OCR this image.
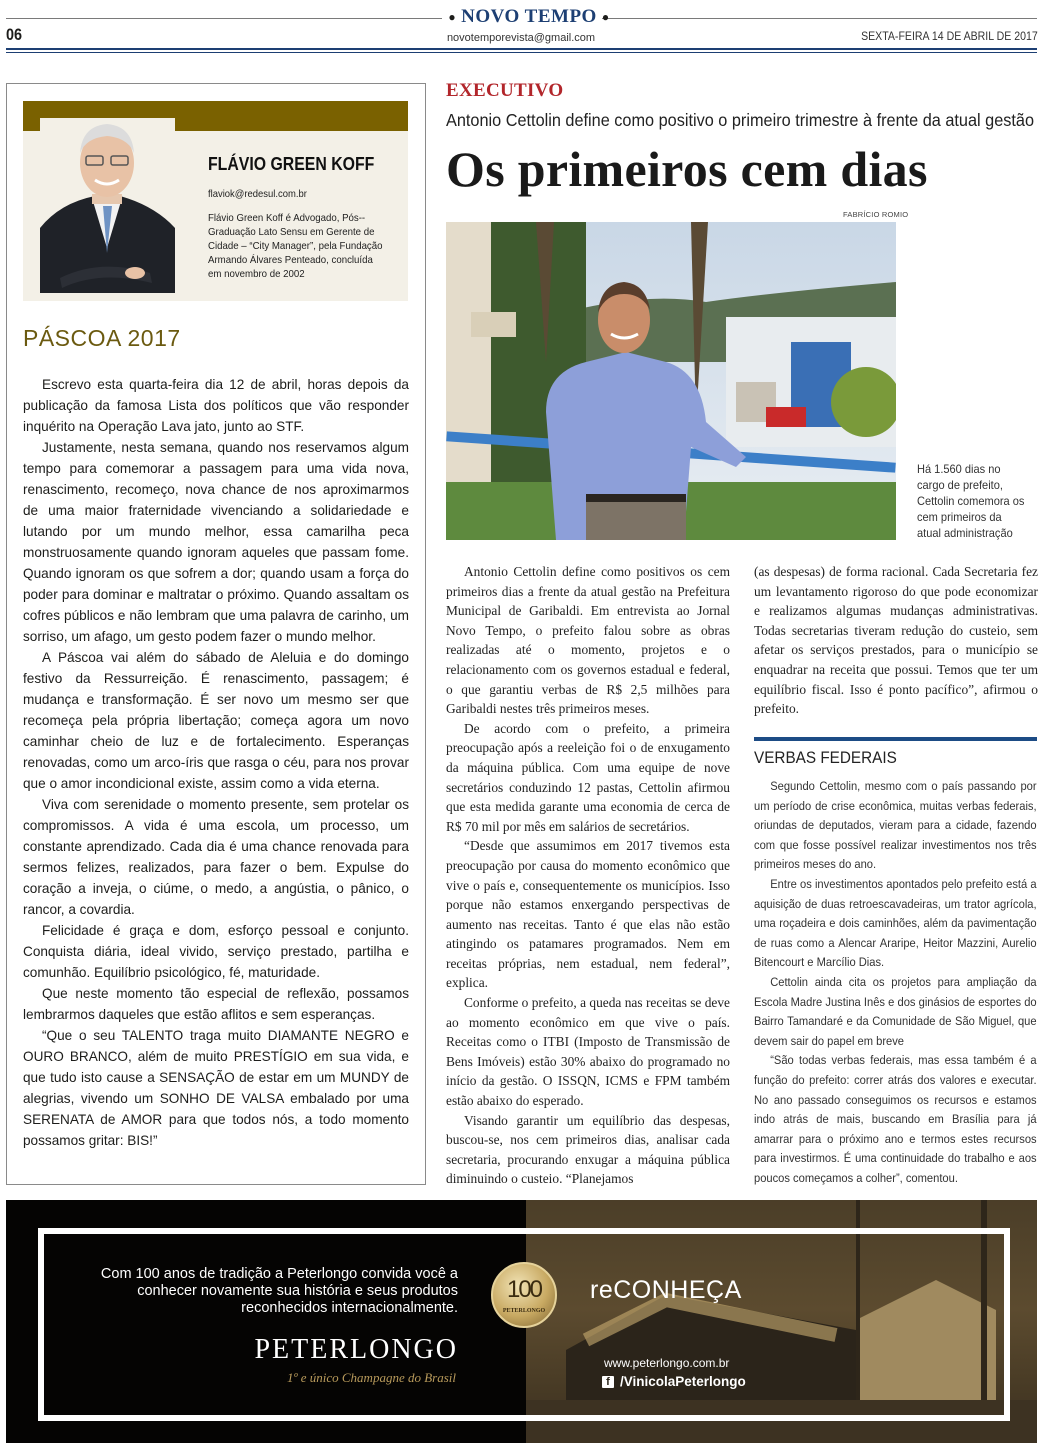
● NOVO TEMPO ●
06	novotemporevista@gmail.com	SEXTA-FEIRA 14 DE ABRIL DE 2017
FLÁVIO GREEN KOFF
flaviok@redesul.com.br
Flávio Green Koff é Advogado, Pós--Graduação Lato Sensu em Gerente de Cidade – “City Manager”, pela Fundação Armando Álvares Penteado, concluída em novembro de 2002
PÁSCOA 2017

Escrevo esta quarta-feira dia 12 de abril, horas depois da publicação da famosa Lista dos políticos que vão responder inquérito na Operação Lava jato, junto ao STF.

Justamente, nesta semana, quando nos reservamos algum tempo para comemorar a passagem para uma vida nova, renascimento, recomeço, nova chance de nos aproximarmos de uma maior fraternidade vivenciando a solidariedade e lutando por um mundo melhor, essa camarilha peca monstruosamente quando ignoram aqueles que passam fome. Quando ignoram os que sofrem a dor; quando usam a força do poder para dominar e maltratar o próximo. Quando assaltam os cofres públicos e não lembram que uma palavra de carinho, um sorriso, um afago, um gesto podem fazer o mundo melhor.

A Páscoa vai além do sábado de Aleluia e do domingo festivo da Ressurreição. É renascimento, passagem; é mudança e transformação. É ser novo um mesmo ser que recomeça pela própria libertação; começa agora um novo caminhar cheio de luz e de fortalecimento. Esperanças renovadas, como um arco-íris que rasga o céu, para nos provar que o amor incondicional existe, assim como a vida eterna.

Viva com serenidade o momento presente, sem protelar os compromissos. A vida é uma escola, um processo, um constante aprendizado. Cada dia é uma chance renovada para sermos felizes, realizados, para fazer o bem. Expulse do coração a inveja, o ciúme, o medo, a angústia, o pânico, o rancor, a covardia.

Felicidade é graça e dom, esforço pessoal e conjunto. Conquista diária, ideal vivido, serviço prestado, partilha e comunhão. Equilíbrio psicológico, fé, maturidade.

Que neste momento tão especial de reflexão, possamos lembrarmos daqueles que estão aflitos e sem esperanças.

“Que o seu TALENTO traga muito DIAMANTE NEGRO e OURO BRANCO, além de muito PRESTÍGIO em sua vida, e que tudo isto cause a SENSAÇÃO de estar em um MUNDY de alegrias, vivendo um SONHO DE VALSA embalado por uma SERENATA de AMOR para que todos nós, a todo momento possamos gritar: BIS!”

EXECUTIVO
Antonio Cettolin define como positivo o primeiro trimestre à frente da atual gestão
Os primeiros cem dias
FABRÍCIO ROMIO
Há 1.560 dias no cargo de prefeito, Cettolin comemora os cem primeiros da atual administração

Antonio Cettolin define como positivos os cem primeiros dias a frente da atual gestão na Prefeitura Municipal de Garibaldi. Em entrevista ao Jornal Novo Tempo, o prefeito falou sobre as obras realizadas até o momento, projetos e o relacionamento com os governos estadual e federal, o que garantiu verbas de R$ 2,5 milhões para Garibaldi nestes três primeiros meses.

De acordo com o prefeito, a primeira preocupação após a reeleição foi o de enxugamento da máquina pública. Com uma equipe de nove secretários conduzindo 12 pastas, Cettolin afirmou que esta medida garante uma economia de cerca de R$ 70 mil por mês em salários de secretários.

“Desde que assumimos em 2017 tivemos esta preocupação por causa do momento econômico que vive o país e, consequentemente os municípios. Isso porque não estamos enxergando perspectivas de aumento nas receitas. Tanto é que elas não estão atingindo os patamares programados. Nem em receitas próprias, nem estadual, nem federal”, explica.

Conforme o prefeito, a queda nas receitas se deve ao momento econômico em que vive o país. Receitas como o ITBI (Imposto de Transmissão de Bens Imóveis) estão 30% abaixo do programado no início da gestão. O ISSQN, ICMS e FPM também estão abaixo do esperado.

Visando garantir um equilíbrio das despesas, buscou-se, nos cem primeiros dias, analisar cada secretaria, procurando enxugar a máquina pública diminuindo o custeio. “Planejamos

(as despesas) de forma racional. Cada Secretaria fez um levantamento rigoroso do que pode economizar e realizamos algumas mudanças administrativas. Todas secretarias tiveram redução do custeio, sem afetar os serviços prestados, para o município se enquadrar na receita que possui. Temos que ter um equilíbrio fiscal. Isso é ponto pacífico”, afirmou o prefeito.

VERBAS FEDERAIS

Segundo Cettolin, mesmo com o país passando por um período de crise econômica, muitas verbas federais, oriundas de deputados, vieram para a cidade, fazendo com que fosse possível realizar investimentos nos três primeiros meses do ano.

Entre os investimentos apontados pelo prefeito está a aquisição de duas retroescavadeiras, um trator agrícola, uma roçadeira e dois caminhões, além da pavimentação de ruas como a Alencar Araripe, Heitor Mazzini, Aurelio Bitencourt e Marcílio Dias.

Cettolin ainda cita os projetos para ampliação da Escola Madre Justina Inês e dos ginásios de esportes do Bairro Tamandaré e da Comunidade de São Miguel, que devem sair do papel em breve

“São todas verbas federais, mas essa também é a função do prefeito: correr atrás dos valores e executar. No ano passado conseguimos os recursos e estamos indo atrás de mais, buscando em Brasília para já amarrar para o próximo ano e termos estes recursos para investirmos. É uma continuidade do trabalho e aos poucos começamos a colher”, comentou.

Com 100 anos de tradição a Peterlongo convida você a conhecer novamente sua história e seus produtos reconhecidos internacionalmente.
PETERLONGO
1º e único Champagne do Brasil
100
PETERLONGO
reCONHEÇA
www.peterlongo.com.br
f /VinicolaPeterlongo
